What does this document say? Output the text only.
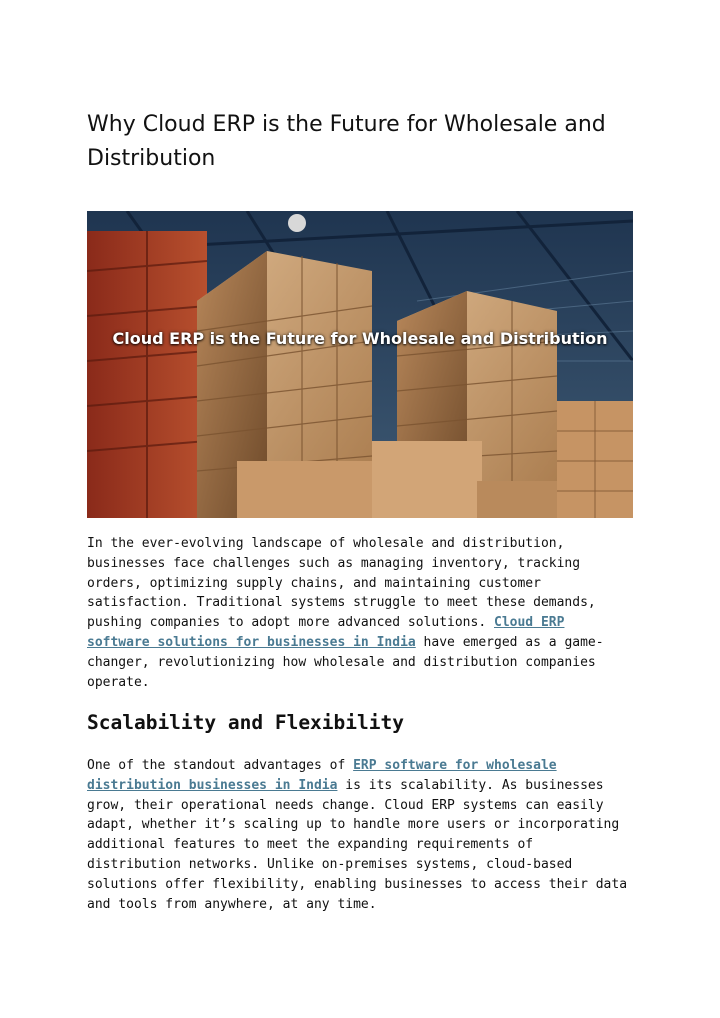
Why Cloud ERP is the Future for Wholesale and Distribution
Cloud ERP is the Future for Wholesale and Distribution

In the ever-evolving landscape of wholesale and distribution, businesses face challenges such as managing inventory, tracking orders, optimizing supply chains, and maintaining customer satisfaction. Traditional systems struggle to meet these demands, pushing companies to adopt more advanced solutions. Cloud ERP software solutions for businesses in India have emerged as a game-changer, revolutionizing how wholesale and distribution companies operate.

Scalability and Flexibility

One of the standout advantages of ERP software for wholesale distribution businesses in India is its scalability. As businesses grow, their operational needs change. Cloud ERP systems can easily adapt, whether it’s scaling up to handle more users or incorporating additional features to meet the expanding requirements of distribution networks. Unlike on-premises systems, cloud-based solutions offer flexibility, enabling businesses to access their data and tools from anywhere, at any time.
